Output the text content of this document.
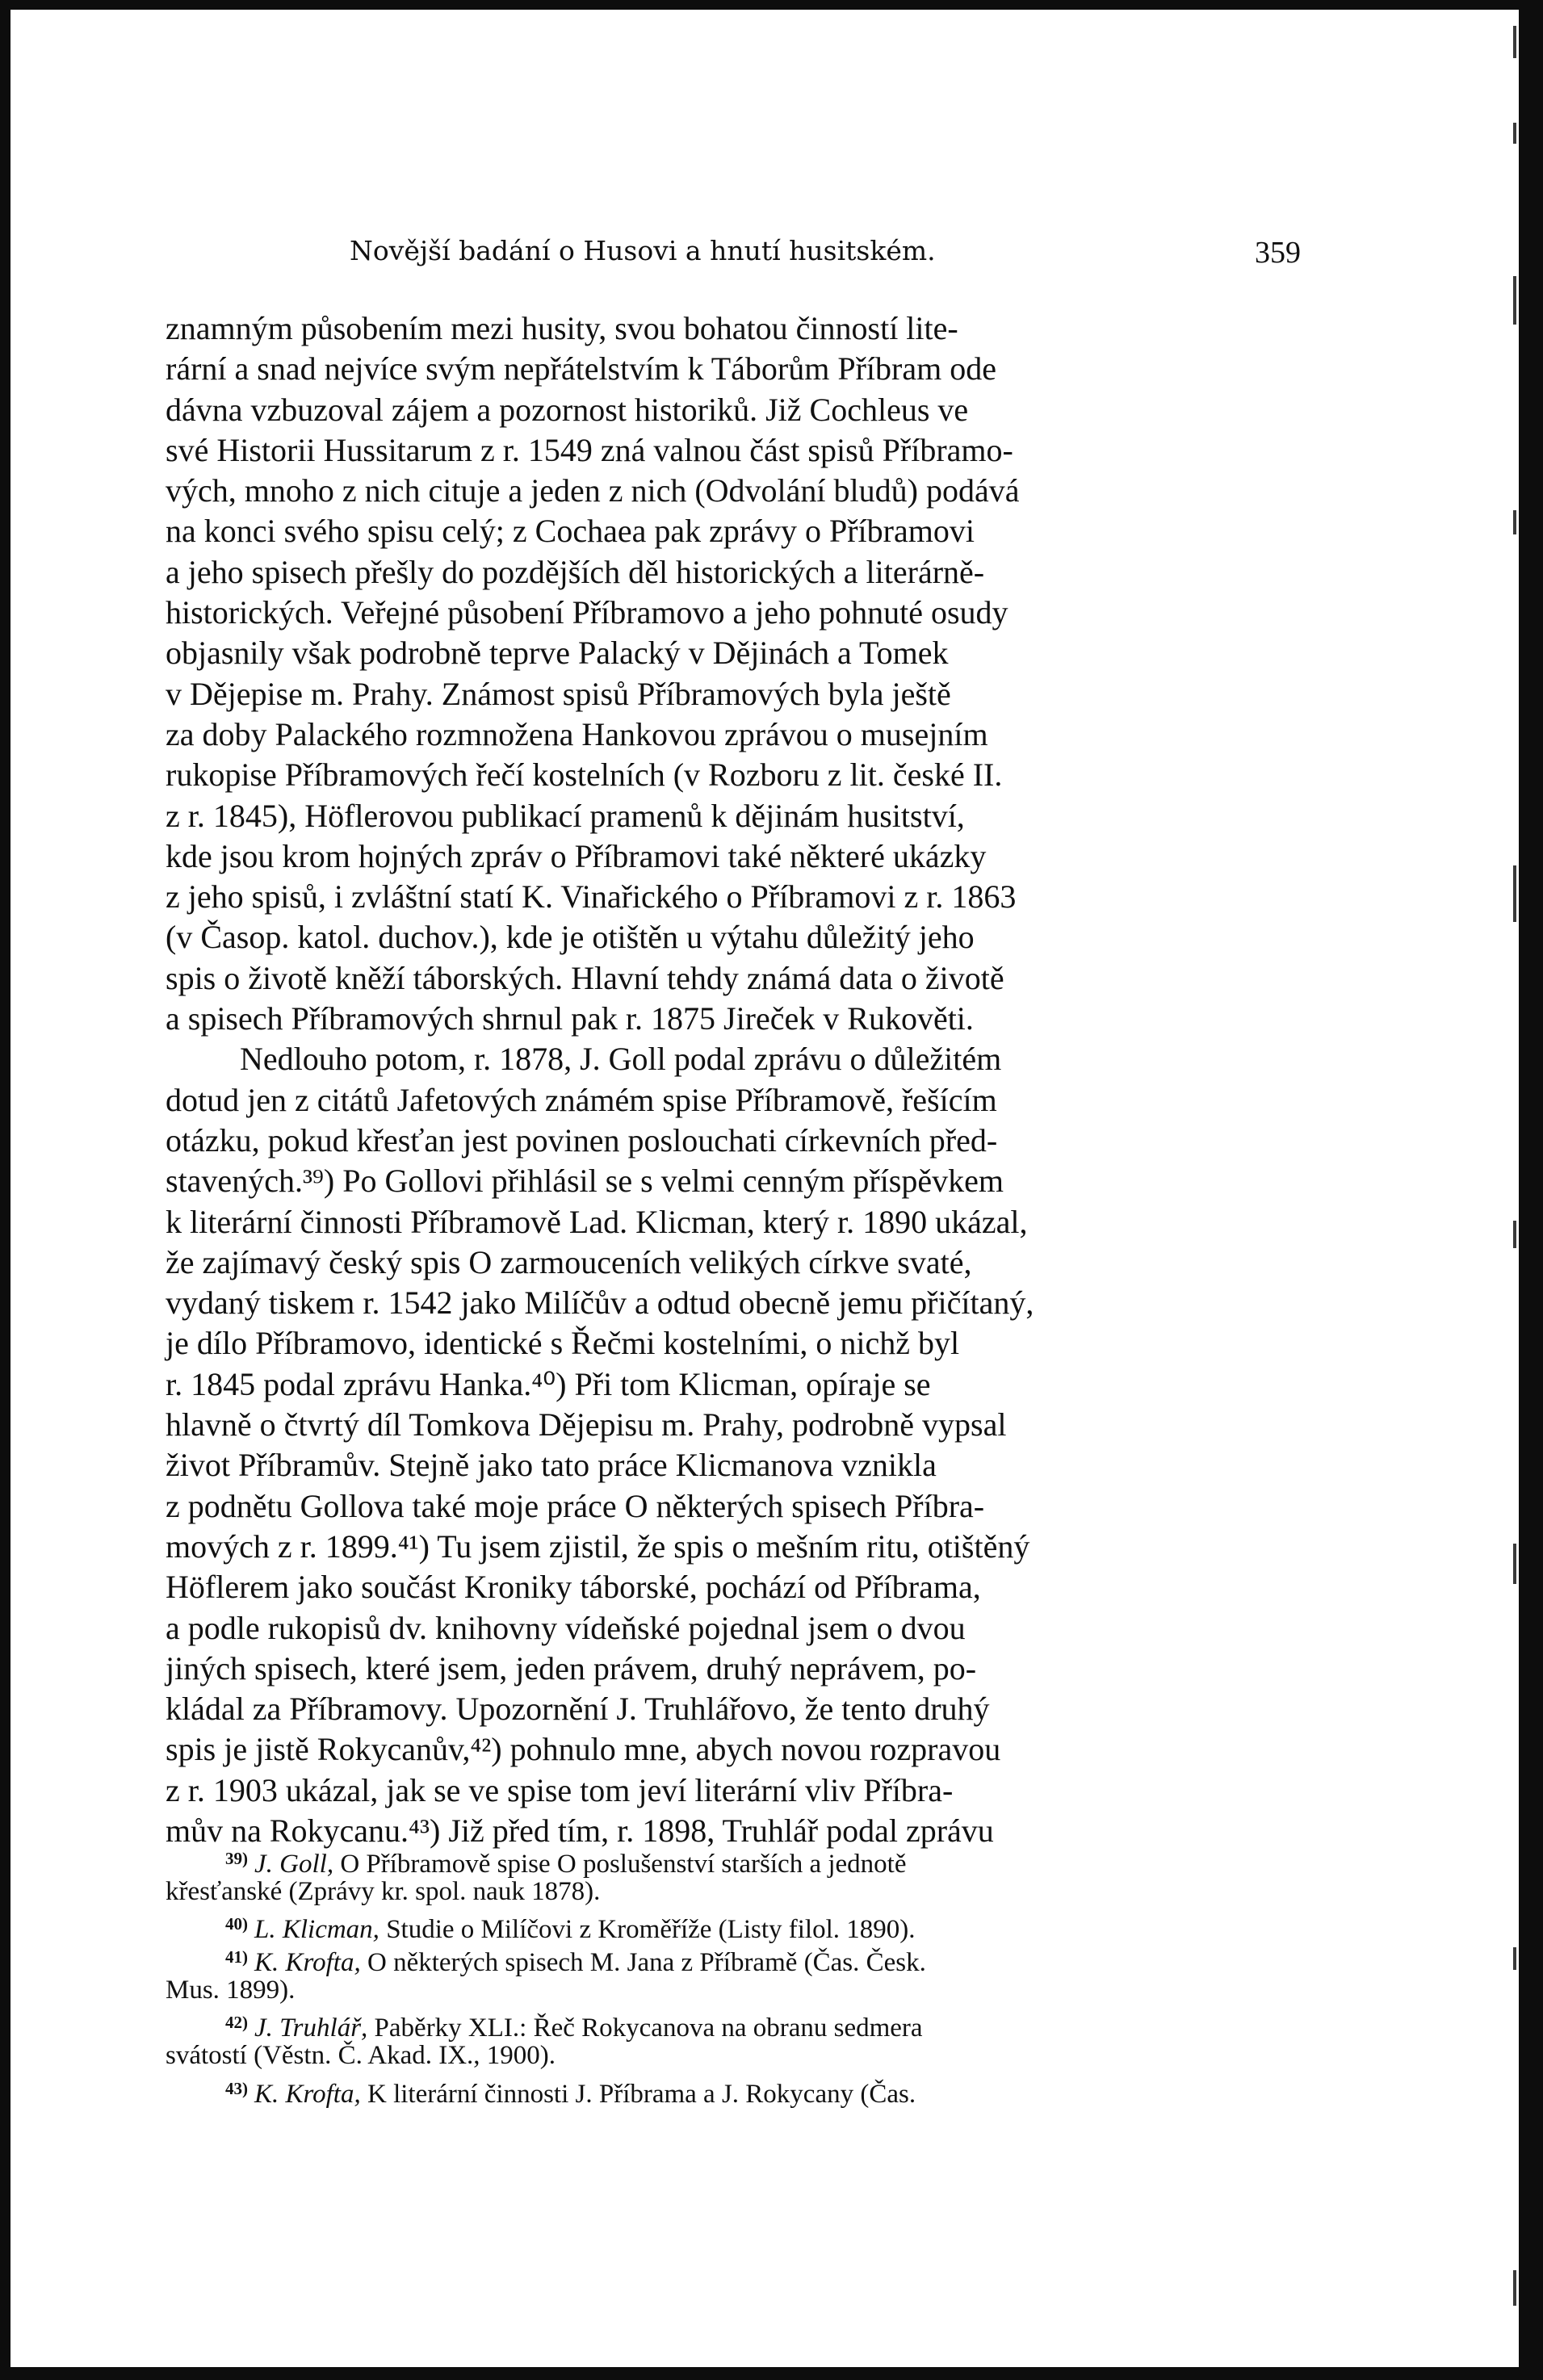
Novější badání o Husovi a hnutí husitském.	359
znamným působením mezi husity, svou bohatou činností lite-
rární a snad nejvíce svým nepřátelstvím k Táborům Příbram ode
dávna vzbuzoval zájem a pozornost historiků. Již Cochleus ve
své Historii Hussitarum z r. 1549 zná valnou část spisů Příbramo-
vých, mnoho z nich cituje a jeden z nich (Odvolání bludů) podává
na konci svého spisu celý; z Cochaea pak zprávy o Příbramovi
a jeho spisech přešly do pozdějších děl historických a literárně-
historických. Veřejné působení Příbramovo a jeho pohnuté osudy
objasnily však podrobně teprve Palacký v Dějinách a Tomek
v Dějepise m. Prahy. Známost spisů Příbramových byla ještě
za doby Palackého rozmnožena Hankovou zprávou o musejním
rukopise Příbramových řečí kostelních (v Rozboru z lit. české II.
z r. 1845), Höflerovou publikací pramenů k dějinám husitství,
kde jsou krom hojných zpráv o Příbramovi také některé ukázky
z jeho spisů, i zvláštní statí K. Vinařického o Příbramovi z r. 1863
(v Časop. katol. duchov.), kde je otištěn u výtahu důležitý jeho
spis o životě kněží táborských. Hlavní tehdy známá data o životě
a spisech Příbramových shrnul pak r. 1875 Jireček v Rukověti.
Nedlouho potom, r. 1878, J. Goll podal zprávu o důležitém
dotud jen z citátů Jafetových známém spise Příbramově, řešícím
otázku, pokud křesťan jest povinen poslouchati církevních před-
stavených.³⁹) Po Gollovi přihlásil se s velmi cenným příspěvkem
k literární činnosti Příbramově Lad. Klicman, který r. 1890 ukázal,
že zajímavý český spis O zarmouceních velikých církve svaté,
vydaný tiskem r. 1542 jako Milíčův a odtud obecně jemu přičítaný,
je dílo Příbramovo, identické s Řečmi kostelními, o nichž byl
r. 1845 podal zprávu Hanka.⁴⁰) Při tom Klicman, opíraje se
hlavně o čtvrtý díl Tomkova Dějepisu m. Prahy, podrobně vypsal
život Příbramův. Stejně jako tato práce Klicmanova vznikla
z podnětu Gollova také moje práce O některých spisech Příbra-
mových z r. 1899.⁴¹) Tu jsem zjistil, že spis o mešním ritu, otištěný
Höflerem jako součást Kroniky táborské, pochází od Příbrama,
a podle rukopisů dv. knihovny vídeňské pojednal jsem o dvou
jiných spisech, které jsem, jeden právem, druhý neprávem, po-
kládal za Příbramovy. Upozornění J. Truhlářovo, že tento druhý
spis je jistě Rokycanův,⁴²) pohnulo mne, abych novou rozpravou
z r. 1903 ukázal, jak se ve spise tom jeví literární vliv Příbra-
mův na Rokycanu.⁴³) Již před tím, r. 1898, Truhlář podal zprávu
$^{39)}$ J. Goll, O Příbramově spise O poslušenství starších a jednotě
křesťanské (Zprávy kr. spol. nauk 1878).
$^{40)}$ L. Klicman, Studie o Milíčovi z Kroměříže (Listy filol. 1890).
$^{41)}$ K. Krofta, O některých spisech M. Jana z Příbramě (Čas. Česk.
Mus. 1899).
$^{42)}$ J. Truhlář, Paběrky XLI.: Řeč Rokycanova na obranu sedmera
svátostí (Věstn. Č. Akad. IX., 1900).
$^{43)}$ K. Krofta, K literární činnosti J. Příbrama a J. Rokycany (Čas.
